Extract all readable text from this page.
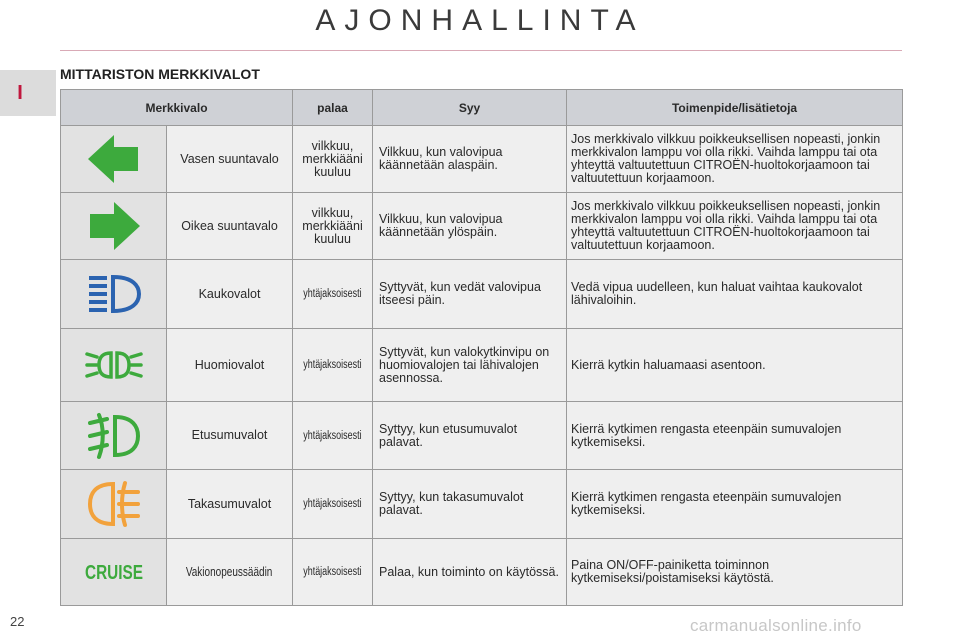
AJONHALLINTA
I
MITTARISTON MERKKIVALOT
Merkkivalo		palaa	Syy	Toimenpide/lisätietoja

	Vasen suuntavalo	vilkkuu, merkkiääni kuuluu	Vilkkuu, kun valovipua käännetään alaspäin.	Jos merkkivalo vilkkuu poikkeuksellisen nopeasti, jonkin merkkivalon lamppu voi olla rikki. Vaihda lamppu tai ota yhteyttä valtuutettuun CITROËN-huoltokorjaamoon tai valtuutettuun korjaamoon.

	Oikea suuntavalo	vilkkuu, merkkiääni kuuluu	Vilkkuu, kun valovipua käännetään ylöspäin.	Jos merkkivalo vilkkuu poikkeuksellisen nopeasti, jonkin merkkivalon lamppu voi olla rikki. Vaihda lamppu tai ota yhteyttä valtuutettuun CITROËN-huoltokorjaamoon tai valtuutettuun korjaamoon.

	Kaukovalot	yhtäjaksoisesti	Syttyvät, kun vedät valovipua itseesi päin.	Vedä vipua uudelleen, kun haluat vaihtaa kaukovalot lähivaloihin.

	Huomiovalot	yhtäjaksoisesti	Syttyvät, kun valokytkinvipu on huomiovalojen tai lähivalojen asennossa.	Kierrä kytkin haluamaasi asentoon.

	Etusumuvalot	yhtäjaksoisesti	Syttyy, kun etusumuvalot palavat.	Kierrä kytkimen rengasta eteenpäin sumuvalojen kytkemiseksi.

	Takasumuvalot	yhtäjaksoisesti	Syttyy, kun takasumuvalot palavat.	Kierrä kytkimen rengasta eteenpäin sumuvalojen kytkemiseksi.

CRUISE	Vakionopeussäädin	yhtäjaksoisesti	Palaa, kun toiminto on käytössä.	Paina ON/OFF-painiketta toiminnon kytkemiseksi/poistamiseksi käytöstä.
22	carmanualsonline.info
